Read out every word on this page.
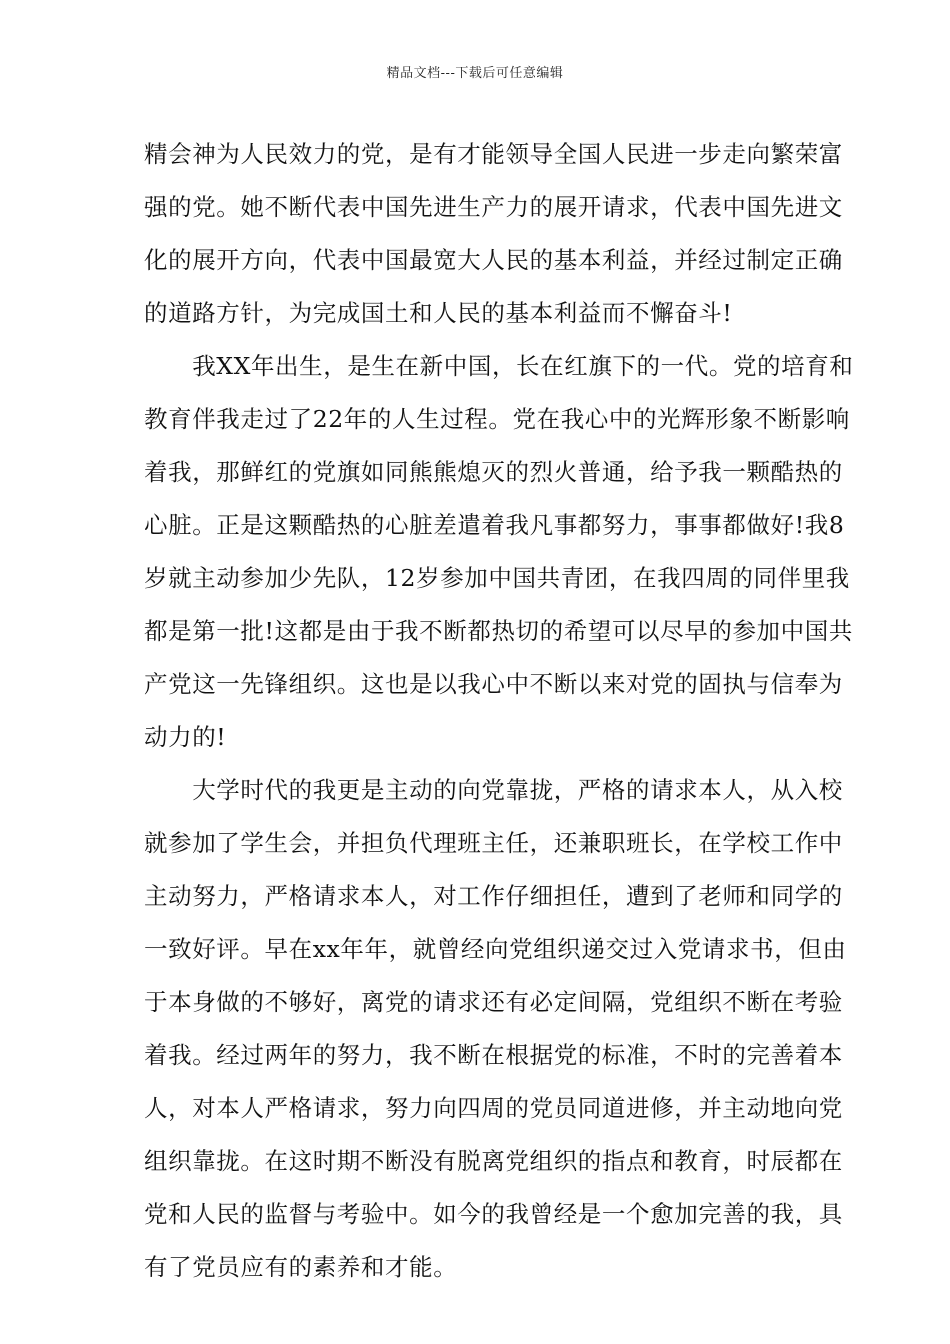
精品文档---下载后可任意编辑
精会神为人民效力的党，是有才能领导全国人民进一步走向繁荣富
强的党。她不断代表中国先进生产力的展开请求，代表中国先进文
化的展开方向，代表中国最宽大人民的基本利益，并经过制定正确
的道路方针，为完成国土和人民的基本利益而不懈奋斗!
　　我XX年出生，是生在新中国，长在红旗下的一代。党的培育和
教育伴我走过了22年的人生过程。党在我心中的光辉形象不断影响
着我，那鲜红的党旗如同熊熊熄灭的烈火普通，给予我一颗酷热的
心脏。正是这颗酷热的心脏差遣着我凡事都努力，事事都做好!我8
岁就主动参加少先队，12岁参加中国共青团，在我四周的同伴里我
都是第一批!这都是由于我不断都热切的希望可以尽早的参加中国共
产党这一先锋组织。这也是以我心中不断以来对党的固执与信奉为
动力的!
　　大学时代的我更是主动的向党靠拢，严格的请求本人，从入校
就参加了学生会，并担负代理班主任，还兼职班长，在学校工作中
主动努力，严格请求本人，对工作仔细担任，遭到了老师和同学的
一致好评。早在xx年年，就曾经向党组织递交过入党请求书，但由
于本身做的不够好，离党的请求还有必定间隔，党组织不断在考验
着我。经过两年的努力，我不断在根据党的标准，不时的完善着本
人，对本人严格请求，努力向四周的党员同道进修，并主动地向党
组织靠拢。在这时期不断没有脱离党组织的指点和教育，时辰都在
党和人民的监督与考验中。如今的我曾经是一个愈加完善的我，具
有了党员应有的素养和才能。
